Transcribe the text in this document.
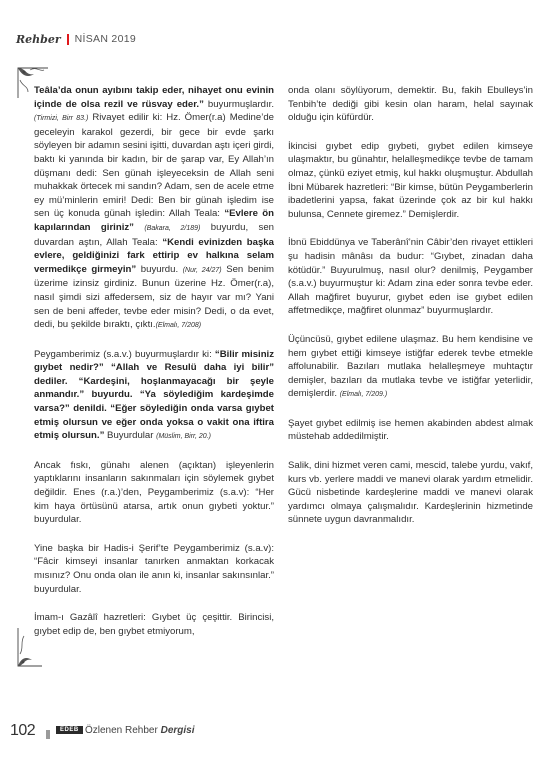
Rehber NİSAN 2019

Teâla’da onun ayıbını takip eder, nihayet onu evinin içinde de olsa rezil ve rüsvay eder.” buyurmuşlardır. (Tirmizi, Birr 83.) Rivayet edilir ki: Hz. Ömer(r.a) Medine’de geceleyin karakol gezerdi, bir gece bir evde şarkı söyleyen bir adamın sesini işitti, duvardan aştı içeri girdi, baktı ki yanında bir kadın, bir de şarap var, Ey Allah’ın düşmanı dedi: Sen günah işleyeceksin de Allah seni muhakkak örtecek mi sandın? Adam, sen de acele etme ey mü’minlerin emiri! Dedi: Ben bir günah işledim ise sen üç konuda günah işledin: Allah Teala: “Evlere ön kapılarından giriniz” (Bakara, 2/189) buyurdu, sen duvardan aştın, Allah Teala: “Kendi evinizden başka evlere, geldiğinizi fark ettirip ev halkına selam vermedikçe girmeyin” buyurdu. (Nur, 24/27) Sen benim üzerime izinsiz girdiniz. Bunun üzerine Hz. Ömer(r.a), nasıl şimdi sizi affedersem, siz de hayır var mı? Yani sen de beni affeder, tevbe eder misin? Dedi, o da evet, dedi, bu şekilde bıraktı, çıktı.(Elmalı, 7/208)

Peygamberimiz (s.a.v.) buyurmuşlardır ki: “Bilir misiniz gıybet nedir?” “Allah ve Resulü daha iyi bilir” dediler. “Kardeşini, hoşlanmayacağı bir şeyle anmandır.” buyurdu. “Ya söylediğim kardeşimde varsa?” denildi. “Eğer söylediğin onda varsa gıybet etmiş olursun ve eğer onda yoksa o vakit ona iftira etmiş olursun.” Buyurdular (Müslim, Birr, 20.)

Ancak fıskı, günahı alenen (açıktan) işleyenlerin yaptıklarını insanların sakınmaları için söylemek gıybet değildir. Enes (r.a.)’den, Peygamberimiz (s.a.v): “Her kim haya örtüsünü atarsa, artık onun gıybeti yoktur.” buyurdular.

Yine başka bir Hadis-i Şerif’te Peygamberimiz (s.a.v): “Fâcir kimseyi insanlar tanırken anmaktan korkacak mısınız? Onu onda olan ile anın ki, insanlar sakınsınlar.” buyurdular.

İmam-ı Gazâlî hazretleri: Gıybet üç çeşittir. Birincisi, gıybet edip de, ben gıybet etmiyorum,

onda olanı söylüyorum, demektir. Bu, fakih Ebulleys’in Tenbih’te dediği gibi kesin olan haram, helal sayınak olduğu için küfürdür.

İkincisi gıybet edip gıybeti, gıybet edilen kimseye ulaşmaktır, bu günahtır, helalleşmedikçe tevbe de tamam olmaz, çünkü eziyet etmiş, kul hakkı oluşmuştur. Abdullah İbni Mübarek hazretleri: “Bir kimse, bütün Peygamberlerin ibadetlerini yapsa, fakat üzerinde çok az bir kul hakkı bulunsa, Cennete giremez.” Demişlerdir.

İbnü Ebiddünya ve Taberânî’nin Câbir’den rivayet ettikleri şu hadisin mânâsı da budur: “Gıybet, zinadan daha kötüdür.” Buyurulmuş, nasıl olur? denilmiş, Peygamber (s.a.v.) buyurmuştur ki: Adam zina eder sonra tevbe eder. Allah mağfiret buyurur, gıybet eden ise gıybet edilen affetmedikçe, mağfiret olunmaz” buyurmuşlardır.

Üçüncüsü, gıybet edilene ulaşmaz. Bu hem kendisine ve hem gıybet ettiği kimseye istiğfar ederek tevbe etmekle affolunabilir. Bazıları mutlaka helalleşmeye muhtaçtır demişler, bazıları da mutlaka tevbe ve istiğfar yeterlidir, demişlerdir. (Elmalı, 7/209.)

Şayet gıybet edilmiş ise hemen akabinden abdest almak müstehab addedilmiştir.

Salik, dini hizmet veren cami, mescid, talebe yurdu, vakıf, kurs vb. yerlere maddi ve manevi olarak yardım etmelidir. Gücü nisbetinde kardeşlerine maddi ve manevi olarak yardımcı olmaya çalışmalıdır. Kardeşlerinin hizmetinde sünnete uygun davranmalıdır.

102	EDEB Özlenen Rehber Dergisi
